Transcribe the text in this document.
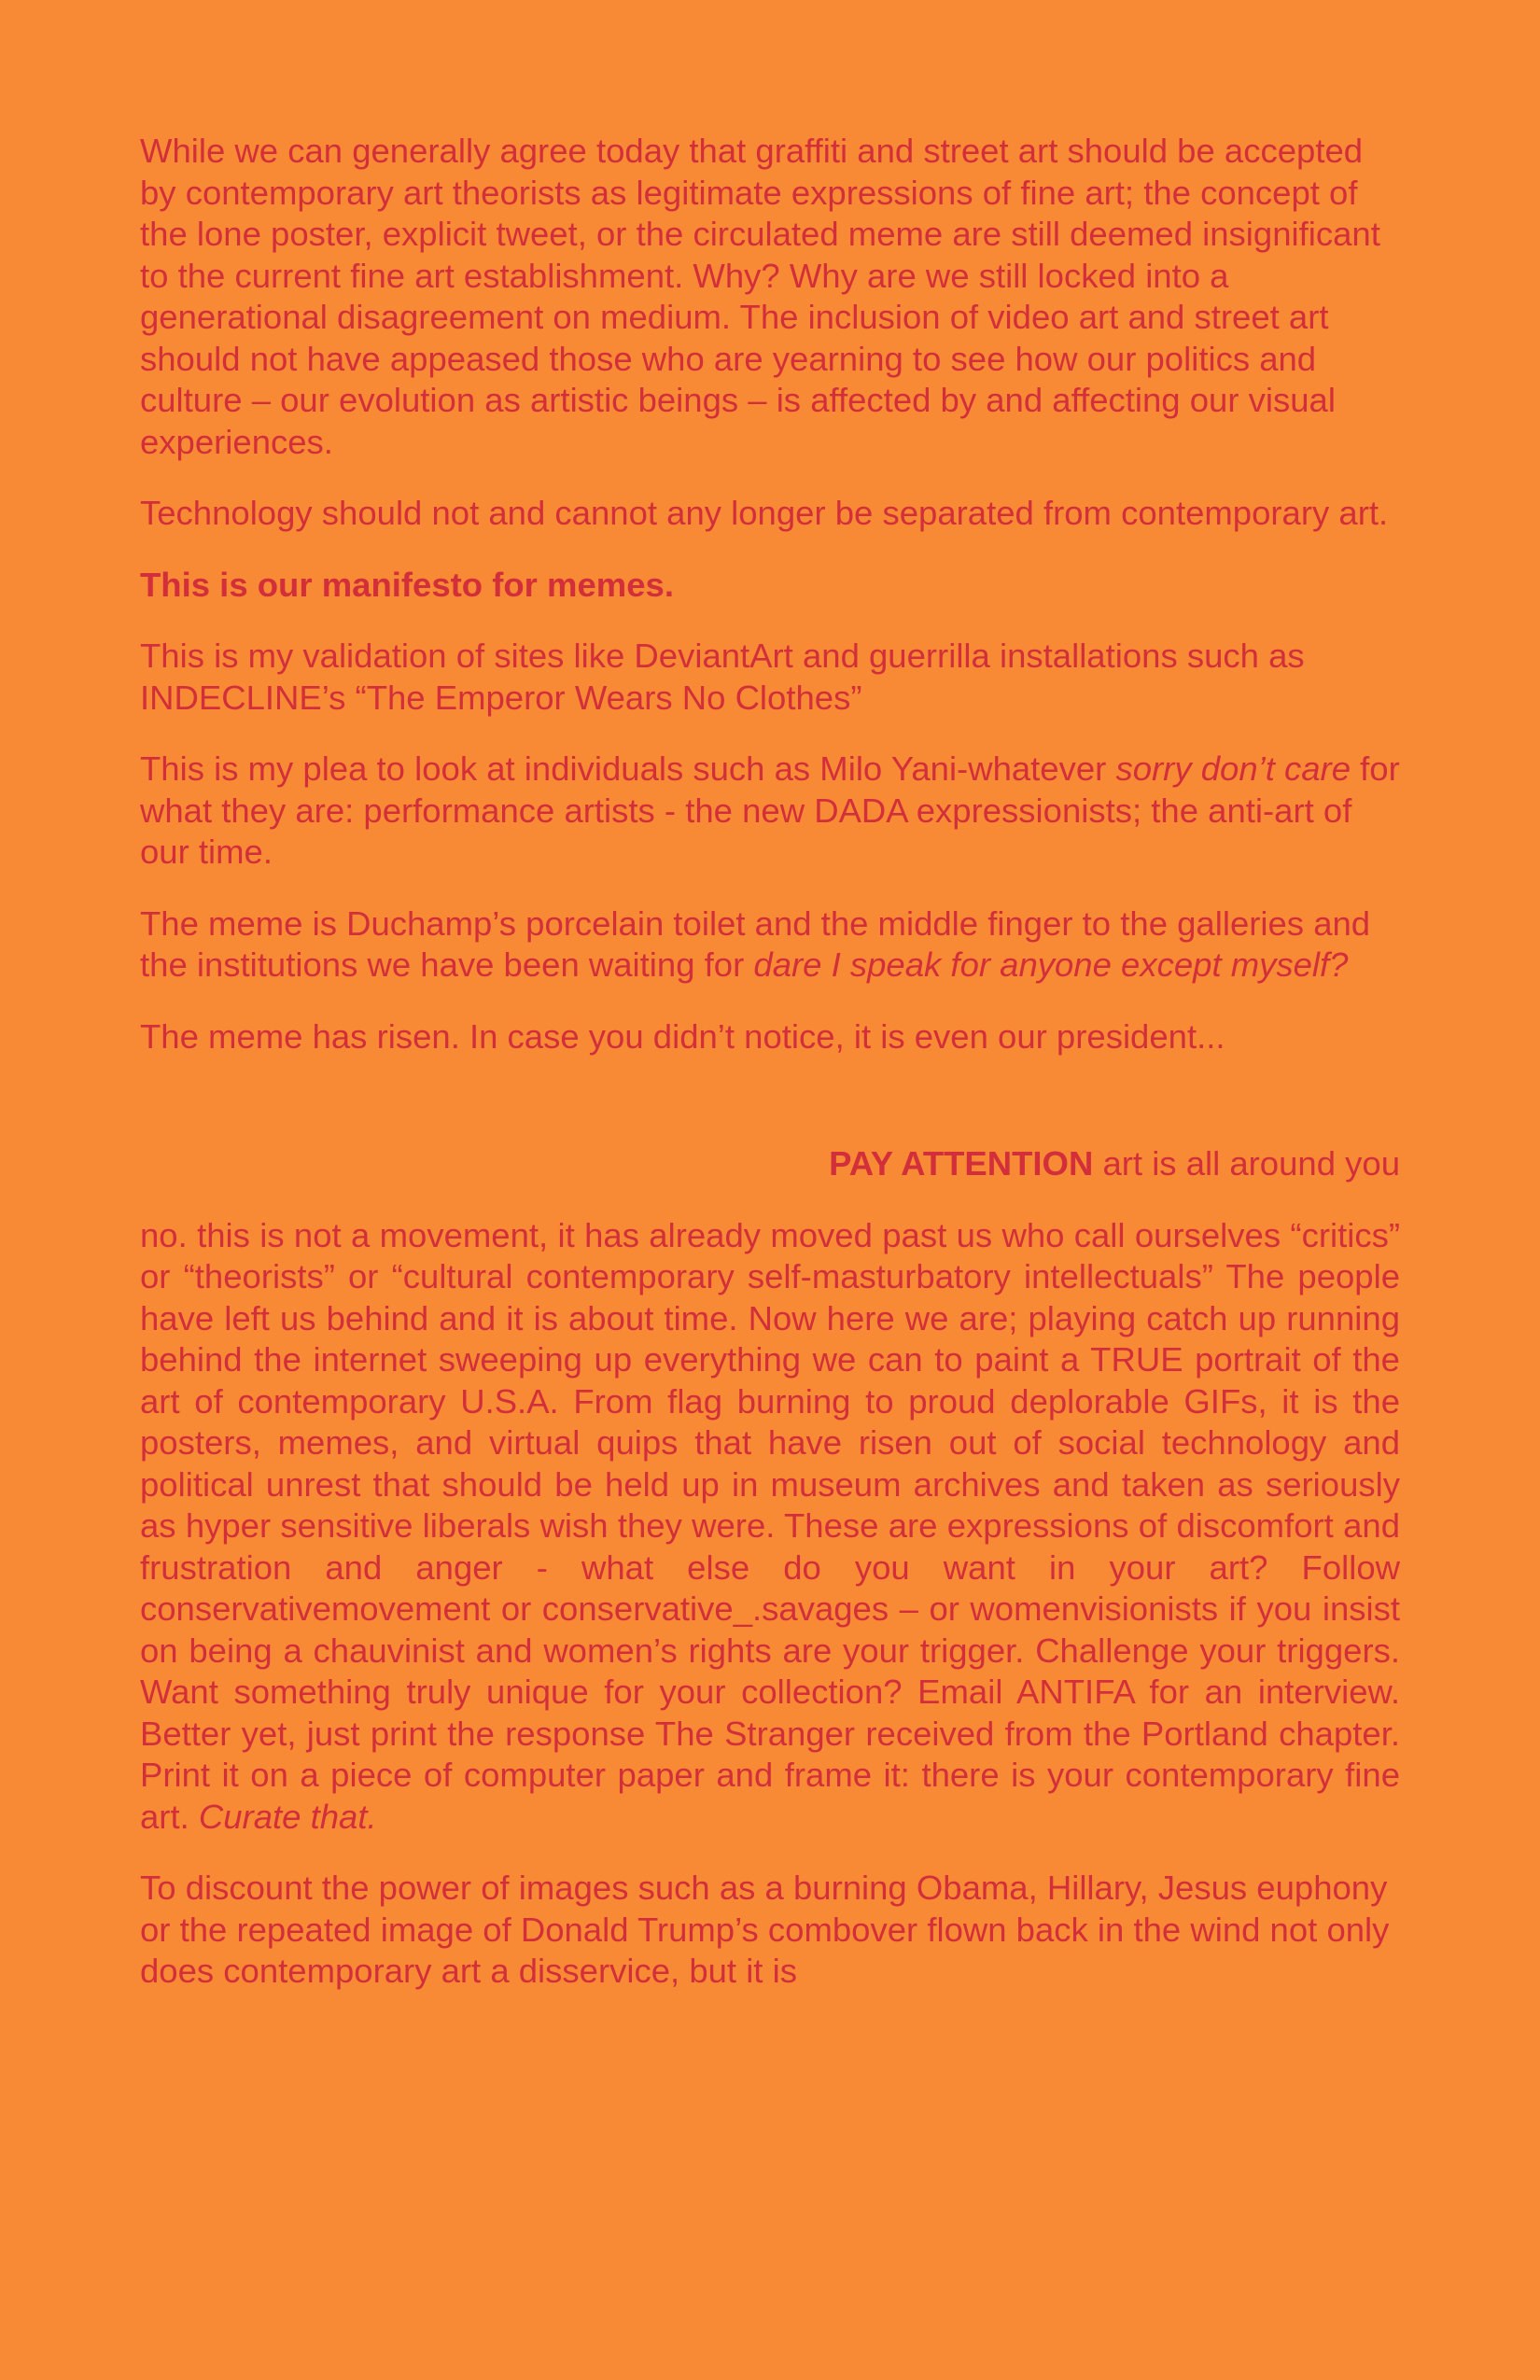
While we can generally agree today that graffiti and street art should be accepted by contemporary art theorists as legitimate expressions of fine art; the concept of the lone poster, explicit tweet, or the circulated meme are still deemed insignificant to the current fine art establishment. Why? Why are we still locked into a generational disagreement on medium. The inclusion of video art and street art should not have appeased those who are yearning to see how our politics and culture – our evolution as artistic beings – is affected by and affecting our visual experiences.

Technology should not and cannot any longer be separated from contemporary art.

This is our manifesto for memes.

This is my validation of sites like DeviantArt and guerrilla installations such as INDECLINE’s “The Emperor Wears No Clothes”

This is my plea to look at individuals such as Milo Yani-whatever sorry don’t care for what they are: performance artists - the new DADA expressionists; the anti-art of our time.

The meme is Duchamp’s porcelain toilet and the middle finger to the galleries and the institutions we have been waiting for dare I speak for anyone except myself?

The meme has risen. In case you didn’t notice, it is even our president...

PAY ATTENTION art is all around you

no. this is not a movement, it has already moved past us who call ourselves “critics” or “theorists” or “cultural contemporary self-masturbatory intellectuals” The people have left us behind and it is about time. Now here we are; playing catch up running behind the internet sweeping up everything we can to paint a TRUE portrait of the art of contemporary U.S.A. From flag burning to proud deplorable GIFs, it is the posters, memes, and virtual quips that have risen out of social technology and political unrest that should be held up in museum archives and taken as seriously as hyper sensitive liberals wish they were. These are expressions of discomfort and frustration and anger - what else do you want in your art? Follow conservativemovement or conservative_.savages – or womenvisionists if you insist on being a chauvinist and women’s rights are your trigger. Challenge your triggers. Want something truly unique for your collection? Email ANTIFA for an interview. Better yet, just print the response The Stranger received from the Portland chapter. Print it on a piece of computer paper and frame it: there is your contemporary fine art. Curate that.

To discount the power of images such as a burning Obama, Hillary, Jesus euphony or the repeated image of Donald Trump’s combover flown back in the wind not only does contemporary art a disservice, but it is
